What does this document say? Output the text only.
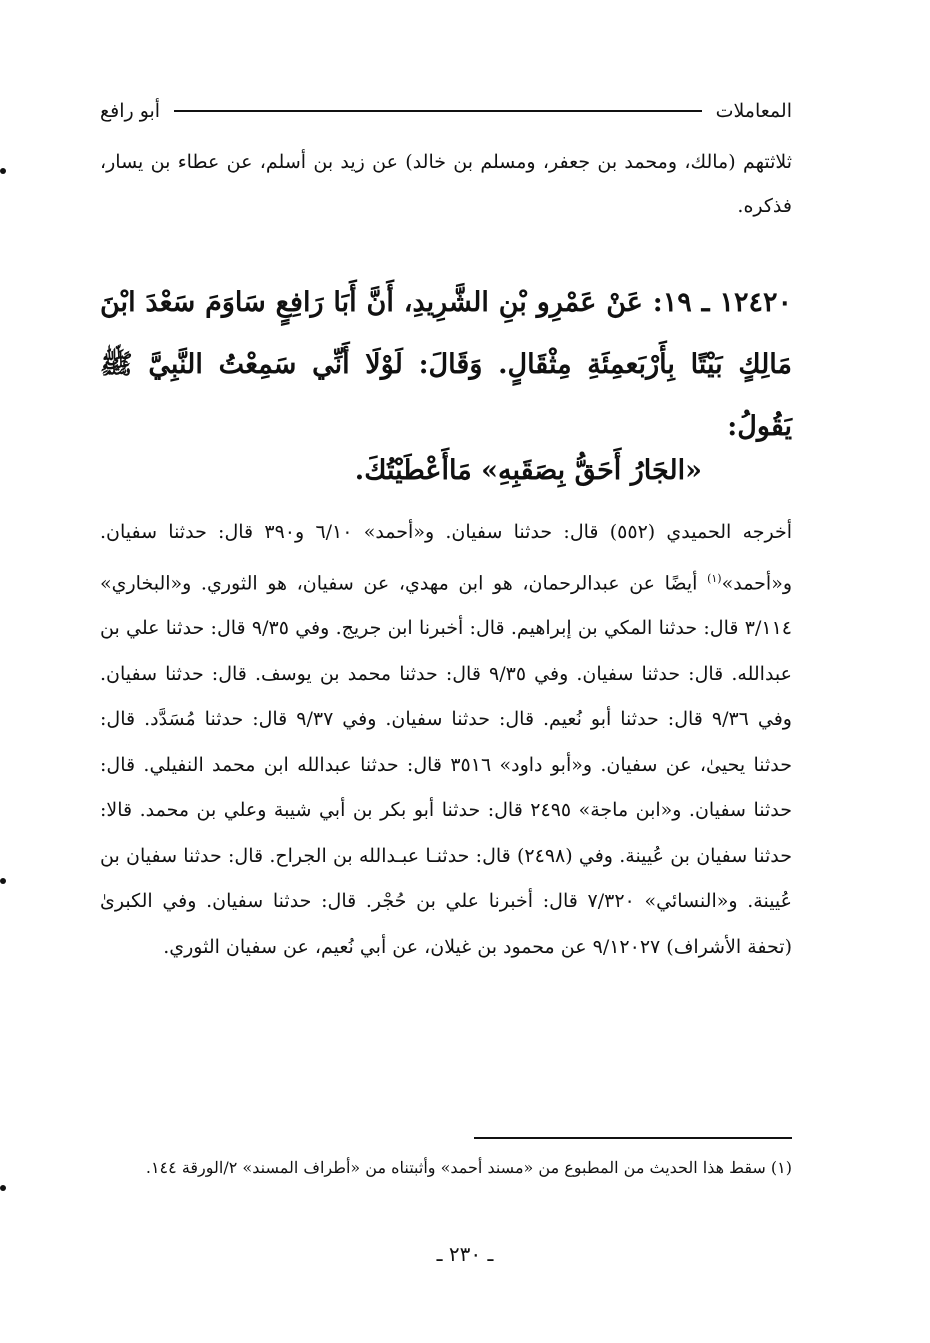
المعاملات
أبو رافع
ثلاثتهم (مالك، ومحمد بن جعفر، ومسلم بن خالد) عن زيد بن أسلم، عن عطاء بن يسار، فذكره.
١٢٤٢٠ ـ ١٩: عَنْ عَمْرِو بْنِ الشَّرِيدِ، أَنَّ أَبَا رَافِعٍ سَاوَمَ سَعْدَ ابْنَ مَالِكٍ بَيْتًا بِأَرْبَعمِئَةِ مِثْقَالٍ. وَقَالَ: لَوْلَا أَنِّي سَمِعْتُ النَّبِيَّ ﷺ يَقُولُ:
«الجَارُ أَحَقُّ بِصَقَبِهِ» مَاأَعْطَيْتُكَ.
أخرجه الحميدي (٥٥٢) قال: حدثنا سفيان. و«أحمد» ٦/١٠ و٣٩٠ قال: حدثنا سفيان. و«أحمد»$^{(١)}$ أيضًا عن عبدالرحمان، هو ابن مهدي، عن سفيان، هو الثوري. و«البخاري» ٣/١١٤ قال: حدثنا المكي بن إبراهيم. قال: أخبرنا ابن جريج. وفي ٩/٣٥ قال: حدثنا علي بن عبدالله. قال: حدثنا سفيان. وفي ٩/٣٥ قال: حدثنا محمد بن يوسف. قال: حدثنا سفيان. وفي ٩/٣٦ قال: حدثنا أبو نُعيم. قال: حدثنا سفيان. وفي ٩/٣٧ قال: حدثنا مُسَدَّد. قال: حدثنا يحيىٰ، عن سفيان. و«أبو داود» ٣٥١٦ قال: حدثنا عبدالله ابن محمد النفيلي. قال: حدثنا سفيان. و«ابن ماجة» ٢٤٩٥ قال: حدثنا أبو بكر بن أبي شيبة وعلي بن محمد. قالا: حدثنا سفيان بن عُيينة. وفي (٢٤٩٨) قال: حدثنـا عبـدالله بن الجراح. قال: حدثنا سفيان بن عُيينة. و«النسائي» ٧/٣٢٠ قال: أخبرنا علي بن حُجْر. قال: حدثنا سفيان. وفي الكبرىٰ (تحفة الأشراف) ٩/١٢٠٢٧ عن محمود بن غيلان، عن أبي نُعيم، عن سفيان الثوري.
(١) سقط هذا الحديث من المطبوع من «مسند أحمد» وأثبتناه من «أطراف المسند» ٢/الورقة ١٤٤.
ـ ٢٣٠ ـ
